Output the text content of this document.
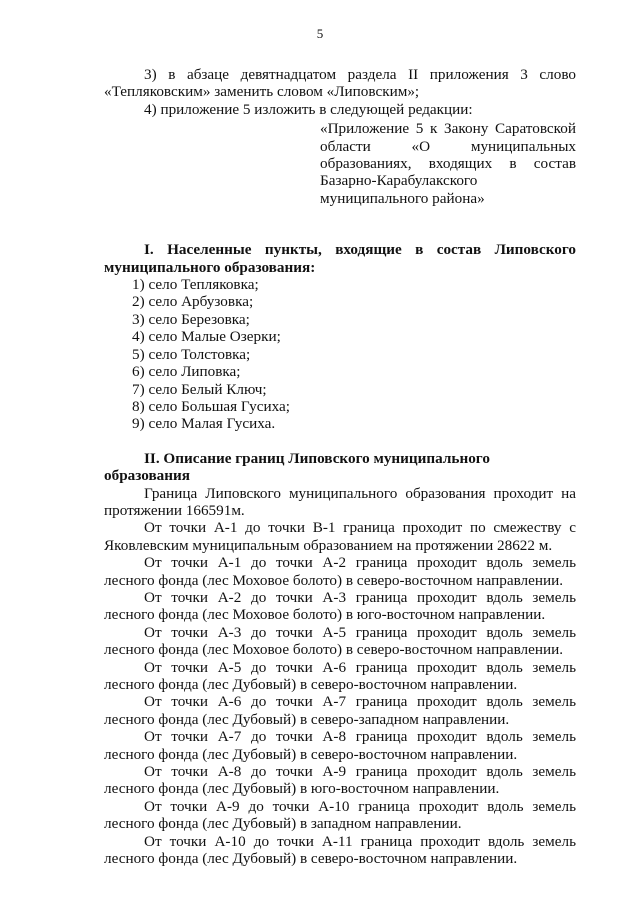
5

3) в абзаце девятнадцатом раздела II приложения 3 слово «Тепляковским» заменить словом «Липовским»;

4) приложение 5 изложить в следующей редакции:

«Приложение 5 к Закону Саратовской области «О муниципальных образованиях, входящих в состав Базарно-Карабулакского муниципального района»

I. Населенные пункты, входящие в состав Липовского муниципального образования:

1) село Тепляковка;

2) село Арбузовка;

3) село Березовка;

4) село Малые Озерки;

5) село Толстовка;

6) село Липовка;

7) село Белый Ключ;

8) село Большая Гусиха;

9) село Малая Гусиха.

II. Описание границ Липовского муниципального образования

Граница Липовского муниципального образования проходит на протяжении 166591м.

От точки А-1 до точки В-1 граница проходит по смежеству с Яковлевским муниципальным образованием на протяжении 28622 м.

От точки А-1 до точки А-2 граница проходит вдоль земель лесного фонда (лес Моховое болото) в северо-восточном направлении.

От точки А-2 до точки А-3 граница проходит вдоль земель лесного фонда (лес Моховое болото) в юго-восточном направлении.

От точки А-3 до точки А-5 граница проходит вдоль земель лесного фонда (лес Моховое болото) в северо-восточном направлении.

От точки А-5 до точки А-6 граница проходит вдоль земель лесного фонда (лес Дубовый) в северо-восточном направлении.

От точки А-6 до точки А-7 граница проходит вдоль земель лесного фонда (лес Дубовый) в северо-западном направлении.

От точки А-7 до точки А-8 граница проходит вдоль земель лесного фонда (лес Дубовый) в северо-восточном направлении.

От точки А-8 до точки А-9 граница проходит вдоль земель лесного фонда (лес Дубовый) в юго-восточном направлении.

От точки А-9 до точки А-10 граница проходит вдоль земель лесного фонда (лес Дубовый) в западном направлении.

От точки А-10 до точки А-11 граница проходит вдоль земель лесного фонда (лес Дубовый) в северо-восточном направлении.
